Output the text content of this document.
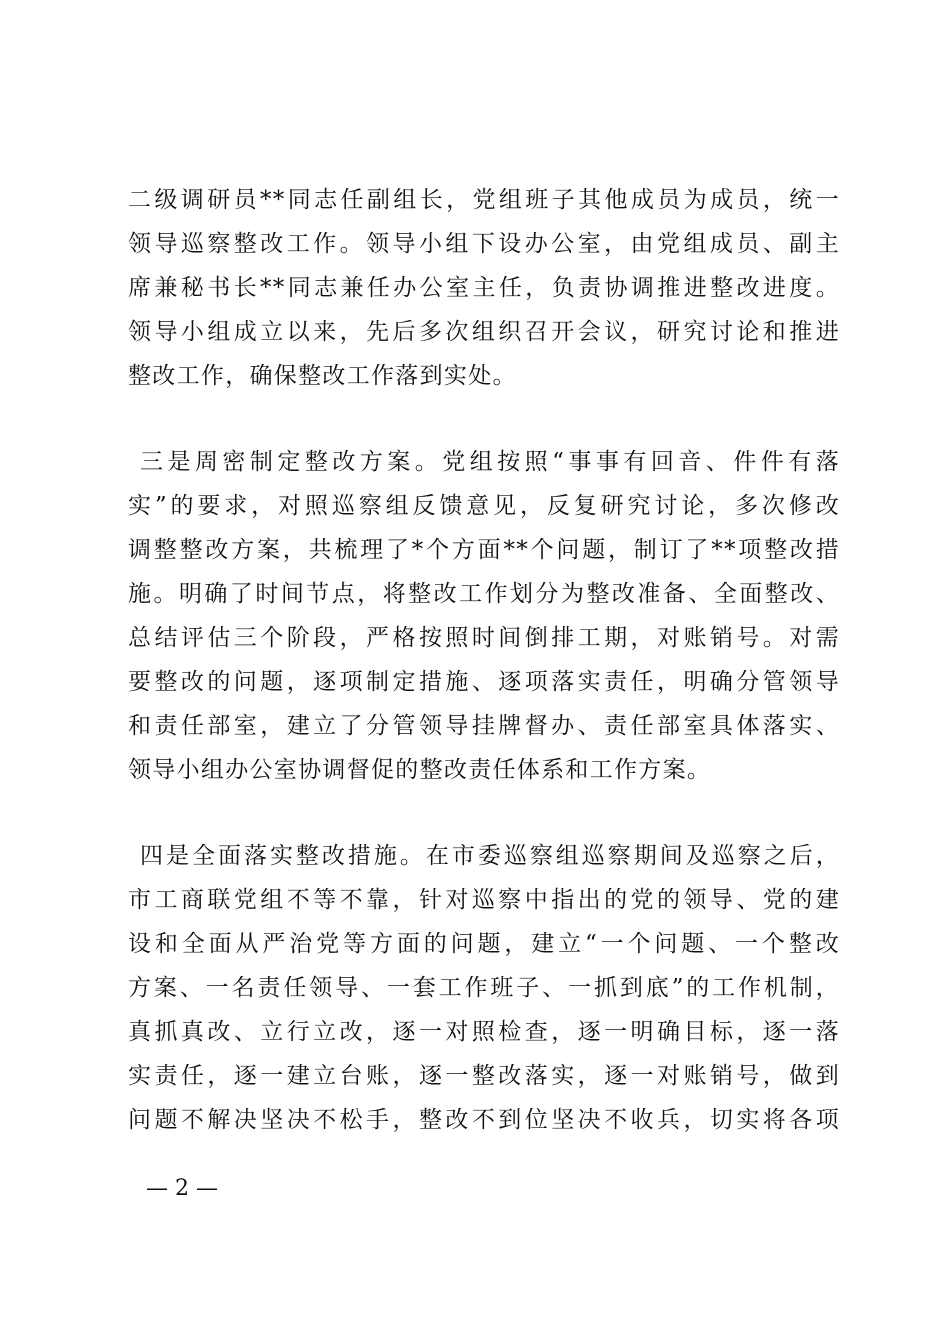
二级调研员**同志任副组长，党组班子其他成员为成员，统一
领导巡察整改工作。领导小组下设办公室，由党组成员、副主
席兼秘书长**同志兼任办公室主任，负责协调推进整改进度。
领导小组成立以来，先后多次组织召开会议，研究讨论和推进
整改工作，确保整改工作落到实处。
三是周密制定整改方案。党组按照“事事有回音、件件有落
实”的要求，对照巡察组反馈意见，反复研究讨论，多次修改
调整整改方案，共梳理了*个方面**个问题，制订了**项整改措
施。明确了时间节点，将整改工作划分为整改准备、全面整改、
总结评估三个阶段，严格按照时间倒排工期，对账销号。对需
要整改的问题，逐项制定措施、逐项落实责任，明确分管领导
和责任部室，建立了分管领导挂牌督办、责任部室具体落实、
领导小组办公室协调督促的整改责任体系和工作方案。
四是全面落实整改措施。在市委巡察组巡察期间及巡察之后，
市工商联党组不等不靠，针对巡察中指出的党的领导、党的建
设和全面从严治党等方面的问题，建立“一个问题、一个整改
方案、一名责任领导、一套工作班子、一抓到底”的工作机制，
真抓真改、立行立改，逐一对照检查，逐一明确目标，逐一落
实责任，逐一建立台账，逐一整改落实，逐一对账销号，做到
问题不解决坚决不松手，整改不到位坚决不收兵，切实将各项
— 2 —
